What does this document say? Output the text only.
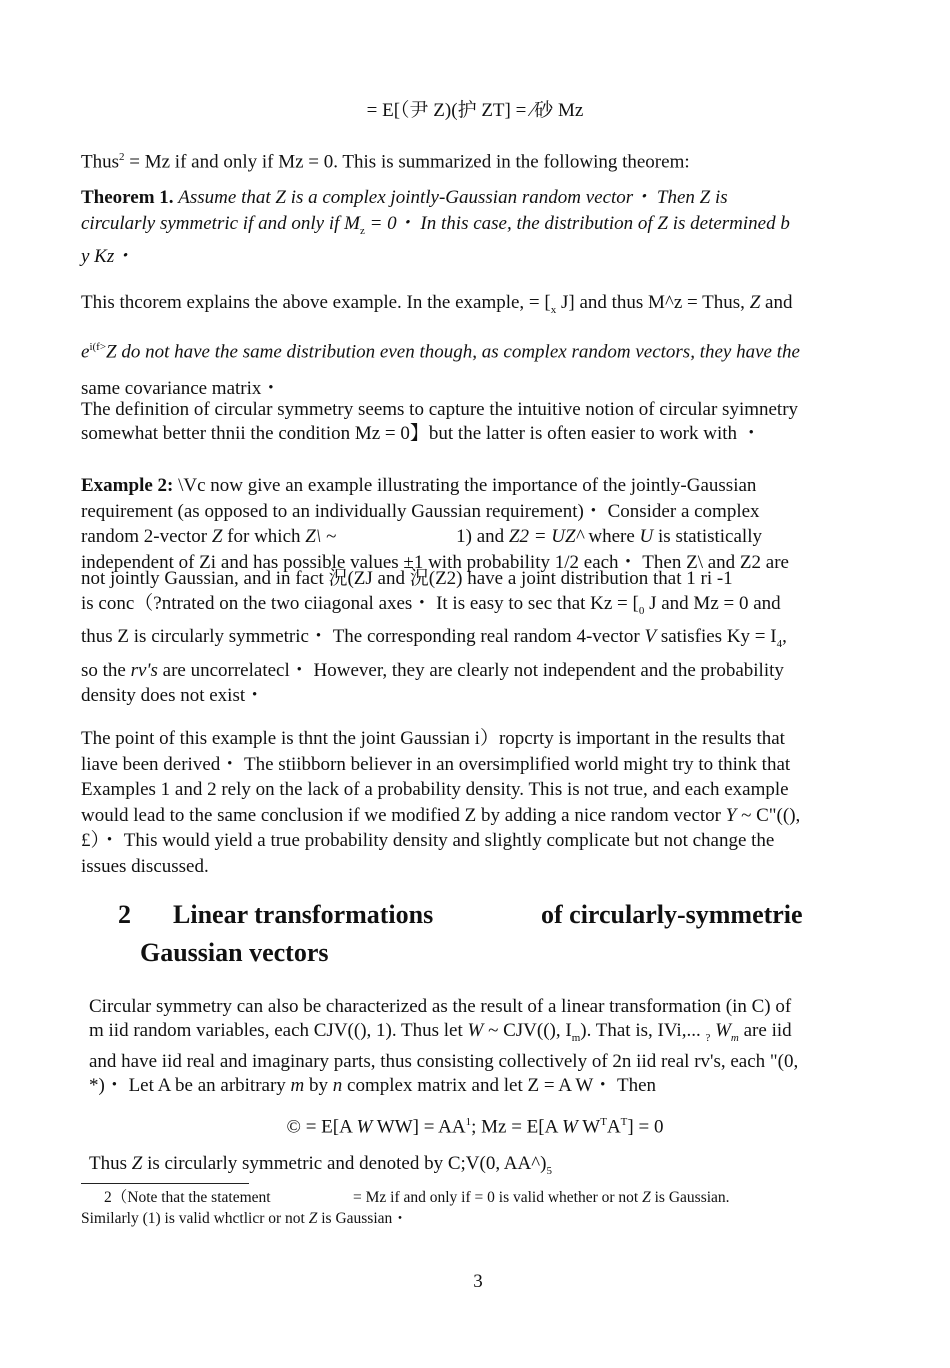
= E[（尹 Z)(护 ZT] = ⁄砂 Mz
Thus$^2$ = Mz if and only if Mz = 0. This is summarized in the following theorem:
Theorem 1. Assume that Z is a complex jointly-Gaussian random vector・ Then Z is
circularly symmetric if and only if $M_z = 0$・ In this case, the distribution of Z is determined b
y Kz・
This thcorem explains the above example. In the example, = [$_x$ J] and thus M^z = Thus, Z and
$e^{i(f>}Z$ do not have the same distribution even though, as complex random vectors, they have the
same covariance matrix・
The definition of circular symmetry seems to capture the intuitive notion of circular syimnetry
somewhat better thnii the condition Mz = 0】but the latter is often easier to work with ・
Example 2: \Vc now give an example illustrating the importance of the jointly-Gaussian
requirement (as opposed to an individually Gaussian requirement)・ Consider a complex
random 2-vector Z for which Z\ ~	1) and Z2 = UZ^ where U is statistically
independent of Zi and has possible values ±1 with probability 1/2 each・ Then Z\ and Z2 are
not jointly Gaussian, and in fact 況(ZJ and 況(Z2) have a joint distribution that 1 ri -1
is conc（?ntrated on the two ciiagonal axes・ It is easy to sec that $Kz = [_0$ J and Mz = 0 and
thus Z is circularly symmetric・ The corresponding real random 4-vector V satisfies $Ky = I_4$,
so the rv's are uncorrelatecl・ However, they are clearly not independent and the probability
density does not exist・
The point of this example is thnt the joint Gaussian i）ropcrty is important in the results that
liave been derived・ The stiibborn believer in an oversimplified world might try to think that
Examples 1 and 2 rely on the lack of a probability density. This is not true, and each example
would lead to the same conclusion if we modified Z by adding a nice random vector Y ~ C"((),
£）・ This would yield a true probability density and slightly complicate but not change the
issues discussed.
2 Linear transformations	of circularly-symmetrie
Gaussian vectors
Circular symmetry can also be characterized as the result of a linear transformation (in C) of
m iid random variables, each CJV((), 1). Thus let W ~ CJV((), $I_m$). That is, IVi,... $_?$ $W_m$ are iid
and have iid real and imaginary parts, thus consisting collectively of 2n iid real rv's, each "(0,
*)・ Let A be an arbitrary m by n complex matrix and let Z = A W・ Then
© = E[A W $WW] = AA^1$; Mz = E[A W $W^TA^T] = 0$
Thus Z is circularly symmetric and denoted by C;V(0, $AA\^{})_5$
2（Note that the statement	= Mz if and only if = 0 is valid whether or not Z is Gaussian.
Similarly (1) is valid whctlicr or not Z is Gaussian・
3
